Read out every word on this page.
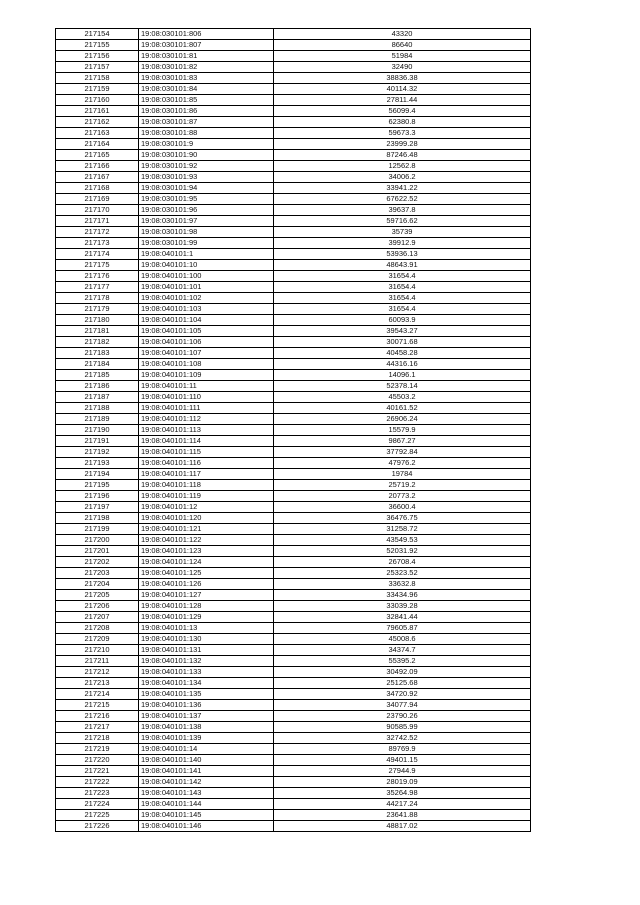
217154	19:08:030101:806	43320
217155	19:08:030101:807	86640
217156	19:08:030101:81	51984
217157	19:08:030101:82	32490
217158	19:08:030101:83	38836.38
217159	19:08:030101:84	40114.32
217160	19:08:030101:85	27811.44
217161	19:08:030101:86	56099.4
217162	19:08:030101:87	62380.8
217163	19:08:030101:88	59673.3
217164	19:08:030101:9	23999.28
217165	19:08:030101:90	87246.48
217166	19:08:030101:92	12562.8
217167	19:08:030101:93	34006.2
217168	19:08:030101:94	33941.22
217169	19:08:030101:95	67622.52
217170	19:08:030101:96	39637.8
217171	19:08:030101:97	59716.62
217172	19:08:030101:98	35739
217173	19:08:030101:99	39912.9
217174	19:08:040101:1	53936.13
217175	19:08:040101:10	48643.91
217176	19:08:040101:100	31654.4
217177	19:08:040101:101	31654.4
217178	19:08:040101:102	31654.4
217179	19:08:040101:103	31654.4
217180	19:08:040101:104	60093.9
217181	19:08:040101:105	39543.27
217182	19:08:040101:106	30071.68
217183	19:08:040101:107	40458.28
217184	19:08:040101:108	44316.16
217185	19:08:040101:109	14096.1
217186	19:08:040101:11	52378.14
217187	19:08:040101:110	45503.2
217188	19:08:040101:111	40161.52
217189	19:08:040101:112	26906.24
217190	19:08:040101:113	15579.9
217191	19:08:040101:114	9867.27
217192	19:08:040101:115	37792.84
217193	19:08:040101:116	47976.2
217194	19:08:040101:117	19784
217195	19:08:040101:118	25719.2
217196	19:08:040101:119	20773.2
217197	19:08:040101:12	36600.4
217198	19:08:040101:120	36476.75
217199	19:08:040101:121	31258.72
217200	19:08:040101:122	43549.53
217201	19:08:040101:123	52031.92
217202	19:08:040101:124	26708.4
217203	19:08:040101:125	25323.52
217204	19:08:040101:126	33632.8
217205	19:08:040101:127	33434.96
217206	19:08:040101:128	33039.28
217207	19:08:040101:129	32841.44
217208	19:08:040101:13	79605.87
217209	19:08:040101:130	45008.6
217210	19:08:040101:131	34374.7
217211	19:08:040101:132	55395.2
217212	19:08:040101:133	30492.09
217213	19:08:040101:134	25125.68
217214	19:08:040101:135	34720.92
217215	19:08:040101:136	34077.94
217216	19:08:040101:137	23790.26
217217	19:08:040101:138	90585.99
217218	19:08:040101:139	32742.52
217219	19:08:040101:14	89769.9
217220	19:08:040101:140	49401.15
217221	19:08:040101:141	27944.9
217222	19:08:040101:142	28019.09
217223	19:08:040101:143	35264.98
217224	19:08:040101:144	44217.24
217225	19:08:040101:145	23641.88
217226	19:08:040101:146	48817.02
